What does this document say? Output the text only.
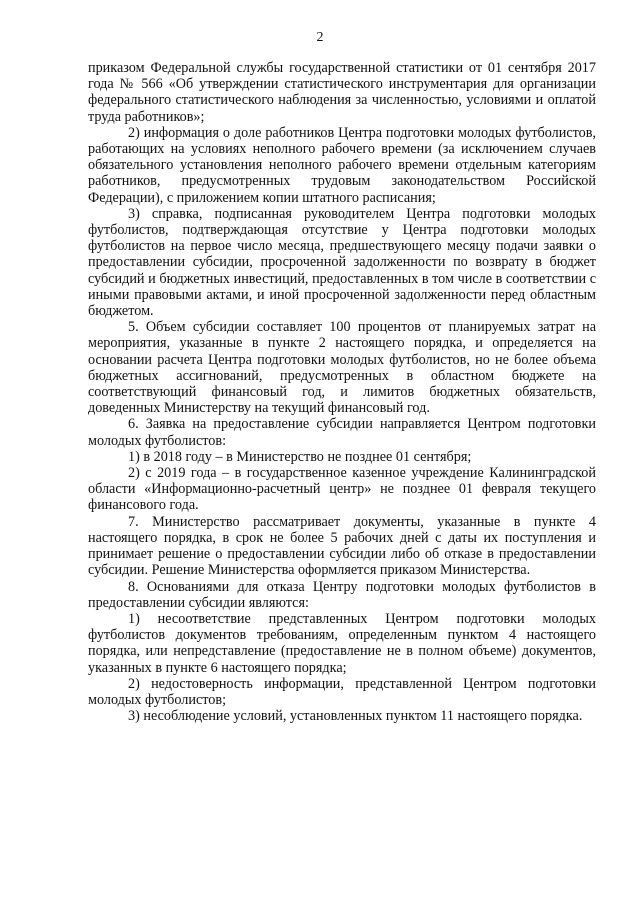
2

приказом Федеральной службы государственной статистики от 01 сентября 2017 года № 566 «Об утверждении статистического инструментария для организации федерального статистического наблюдения за численностью, условиями и оплатой труда работников»;

2) информация о доле работников Центра подготовки молодых футболистов, работающих на условиях неполного рабочего времени (за исключением случаев обязательного установления неполного рабочего времени отдельным категориям работников, предусмотренных трудовым законодательством Российской Федерации), с приложением копии штатного расписания;

3) справка, подписанная руководителем Центра подготовки молодых футболистов, подтверждающая отсутствие у Центра подготовки молодых футболистов на первое число месяца, предшествующего месяцу подачи заявки о предоставлении субсидии, просроченной задолженности по возврату в бюджет субсидий и бюджетных инвестиций, предоставленных в том числе в соответствии с иными правовыми актами, и иной просроченной задолженности перед областным бюджетом.

5. Объем субсидии составляет 100 процентов от планируемых затрат на мероприятия, указанные в пункте 2 настоящего порядка, и определяется на основании расчета Центра подготовки молодых футболистов, но не более объема бюджетных ассигнований, предусмотренных в областном бюджете на соответствующий финансовый год, и лимитов бюджетных обязательств, доведенных Министерству на текущий финансовый год.

6. Заявка на предоставление субсидии направляется Центром подготовки молодых футболистов:

1) в 2018 году – в Министерство не позднее 01 сентября;

2) с 2019 года – в государственное казенное учреждение Калининградской области «Информационно-расчетный центр» не позднее 01 февраля текущего финансового года.

7. Министерство рассматривает документы, указанные в пункте 4 настоящего порядка, в срок не более 5 рабочих дней с даты их поступления и принимает решение о предоставлении субсидии либо об отказе в предоставлении субсидии. Решение Министерства оформляется приказом Министерства.

8. Основаниями для отказа Центру подготовки молодых футболистов в предоставлении субсидии являются:

1) несоответствие представленных Центром подготовки молодых футболистов документов требованиям, определенным пунктом 4 настоящего порядка, или непредставление (предоставление не в полном объеме) документов, указанных в пункте 6 настоящего порядка;

2) недостоверность информации, представленной Центром подготовки молодых футболистов;

3) несоблюдение условий, установленных пунктом 11 настоящего порядка.
